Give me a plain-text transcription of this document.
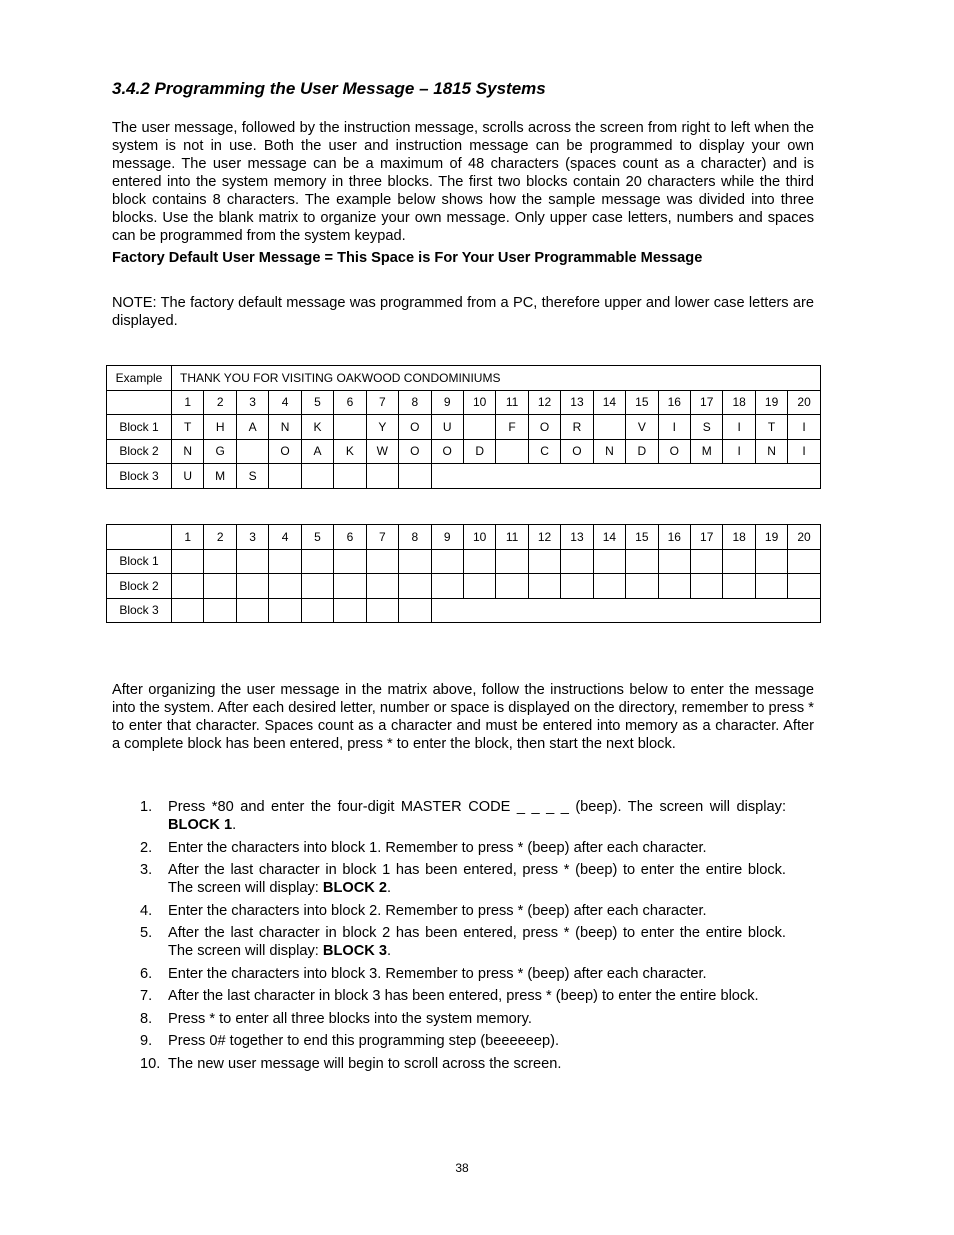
3.4.2 Programming the User Message – 1815 Systems

The user message, followed by the instruction message, scrolls across the screen from right to left when the system is not in use. Both the user and instruction message can be programmed to display your own message. The user message can be a maximum of 48 characters (spaces count as a character) and is entered into the system memory in three blocks. The first two blocks contain 20 characters while the third block contains 8 characters. The example below shows how the sample message was divided into three blocks. Use the blank matrix to organize your own message. Only upper case letters, numbers and spaces can be programmed from the system keypad.

Factory Default User Message = This Space is For Your User Programmable Message

NOTE: The factory default message was programmed from a PC, therefore upper and lower case letters are displayed.

Example	THANK YOU FOR VISITING OAKWOOD CONDOMINIUMS																			
	1	2	3	4	5	6	7	8	9	10	11	12	13	14	15	16	17	18	19	20
Block 1	T	H	A	N	K		Y	O	U		F	O	R		V	I	S	I	T	I
Block 2	N	G		O	A	K	W	O	O	D		C	O	N	D	O	M	I	N	I
Block 3	U	M	S																	
	1	2	3	4	5	6	7	8	9	10	11	12	13	14	15	16	17	18	19	20
Block 1																				
Block 2																				
Block 3																				

After organizing the user message in the matrix above, follow the instructions below to enter the message into the system. After each desired letter, number or space is displayed on the directory, remember to press * to enter that character. Spaces count as a character and must be entered into memory as a character. After a complete block has been entered, press * to enter the block, then start the next block.

1. Press *80 and enter the four-digit MASTER CODE _ _ _ _ (beep). The screen will display: BLOCK 1.
2. Enter the characters into block 1. Remember to press * (beep) after each character.
3. After the last character in block 1 has been entered, press * (beep) to enter the entire block. The screen will display: BLOCK 2.
4. Enter the characters into block 2. Remember to press * (beep) after each character.
5. After the last character in block 2 has been entered, press * (beep) to enter the entire block. The screen will display: BLOCK 3.
6. Enter the characters into block 3. Remember to press * (beep) after each character.
7. After the last character in block 3 has been entered, press * (beep) to enter the entire block.
8. Press * to enter all three blocks into the system memory.
9. Press 0# together to end this programming step (beeeeeep).
10. The new user message will begin to scroll across the screen.
38
